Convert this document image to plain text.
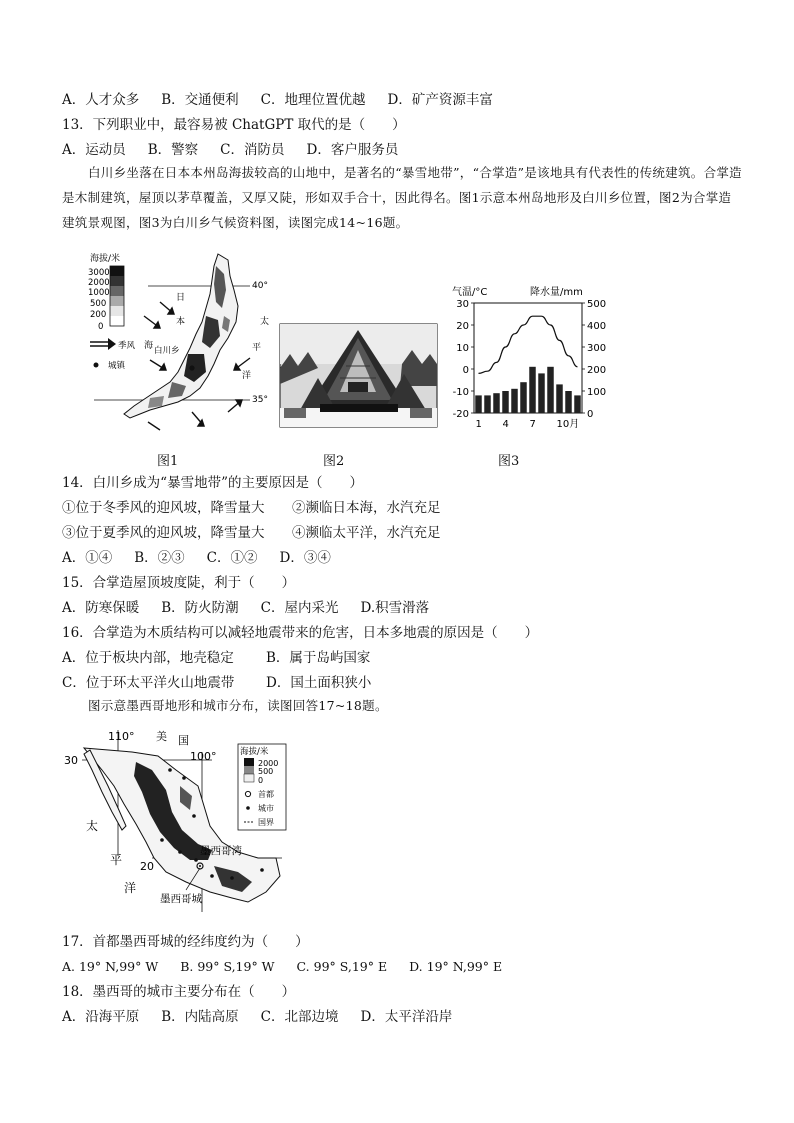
A．人才众多 B．交通便利 C．地理位置优越 D．矿产资源丰富
13．下列职业中，最容易被 ChatGPT 取代的是（　　）
A．运动员 B．警察 C．消防员 D．客户服务员
白川乡坐落在日本本州岛海拔较高的山地中，是著名的“暴雪地带”，“合掌造”是该地具有代表性的传统建筑。合掌造是木制建筑，屋顶以茅草覆盖，又厚又陡，形如双手合十，因此得名。图1示意本州岛地形及白川乡位置，图2为合掌造建筑景观图，图3为白川乡气候资料图，读图完成14~16题。
海拔/米
3000
2000
1000
500
200
0
季风
城镇
40°
35°
白川乡
日
本
海
太
平
洋
图1	图2
气温/°C	降水量/mm
30
20
10
0
-10
-20
500
400
300
200
100
0
1 4 7 10月
图3
14．白川乡成为“暴雪地带”的主要原因是（　　）
①位于冬季风的迎风坡，降雪量大 ②濒临日本海，水汽充足
③位于夏季风的迎风坡，降雪量大 ④濒临太平洋，水汽充足
A．①④ B．②③ C．①② D．③④
15．合掌造屋顶坡度陡，利于（　　）
A．防寒保暖 B．防火防潮 C．屋内采光 D.积雪滑落
16．合掌造为木质结构可以减轻地震带来的危害，日本多地震的原因是（　　）
A．位于板块内部，地壳稳定 B．属于岛屿国家
C．位于环太平洋火山地震带 D．国土面积狭小
图示意墨西哥地形和城市分布，读图回答17~18题。
110°
100°
30
20
美 国
太
平
洋
墨西哥湾
墨西哥城
海拔/米
2000
500
0
首都
城市
国界
17．首都墨西哥城的经纬度约为（　　）
A. 19° N,99° W B. 99° S,19° W C. 99° S,19° E D. 19° N,99° E
18．墨西哥的城市主要分布在（　　）
A．沿海平原 B．内陆高原 C．北部边境 D．太平洋沿岸
